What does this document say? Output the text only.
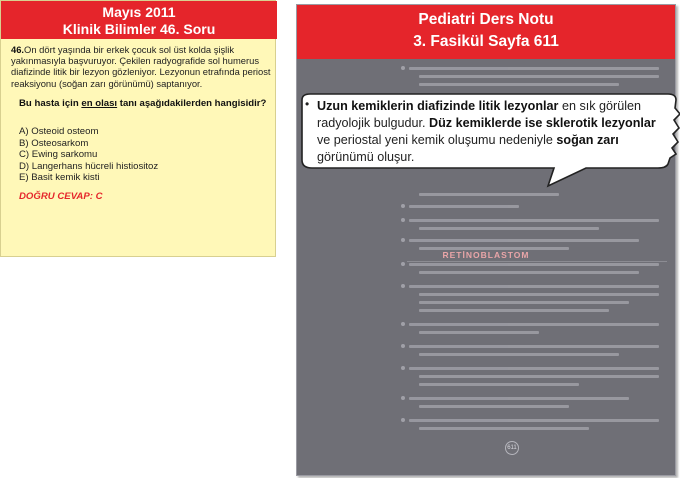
Mayıs 2011
Klinik Bilimler 46. Soru
46.On dört yaşında bir erkek çocuk sol üst kolda şişlik yakınmasıyla başvuruyor. Çekilen radyografide sol humerus diafizinde litik bir lezyon gözleniyor. Lezyonun etrafında periost reaksiyonu (soğan zarı görünümü) saptanıyor.
Bu hasta için en olası tanı aşağıdakilerden hangisidir?
A) Osteoid osteom
B) Osteosarkom
C) Ewing sarkomu
D) Langerhans hücreli histiositoz
E) Basit kemik kisti
DOĞRU CEVAP: C
Pediatri Ders Notu
3. Fasikül Sayfa 611
RETİNOBLASTOM
611
• Uzun kemiklerin diafizinde litik lezyonlar en sık görülen
radyolojik bulgudur. Düz kemiklerde ise sklerotik lezyonlar
ve periostal yeni kemik oluşumu nedeniyle soğan zarı
görünümü oluşur.
